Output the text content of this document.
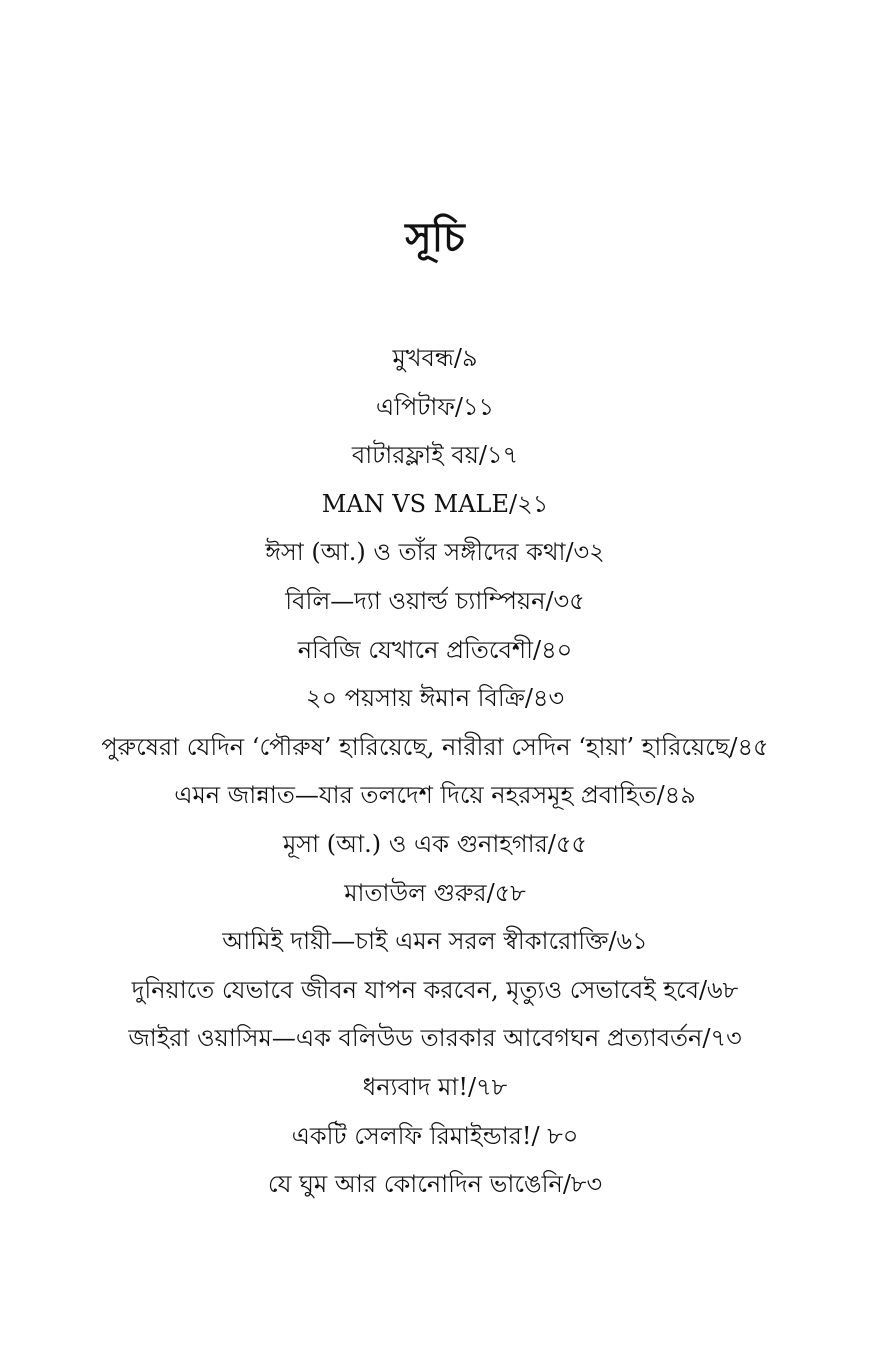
সূচি
মুখবন্ধ/৯
এপিটাফ/১১
বাটারফ্লাই বয়/১৭
MAN VS MALE/২১
ঈসা (আ.) ও তাঁর সঙ্গীদের কথা/৩২
বিলি—দ্যা ওয়ার্ল্ড চ্যাম্পিয়ন/৩৫
নবিজি যেখানে প্রতিবেশী/৪০
২০ পয়সায় ঈমান বিক্রি/৪৩
পুরুষেরা যেদিন ‘পৌরুষ’ হারিয়েছে, নারীরা সেদিন ‘হায়া’ হারিয়েছে/৪৫
এমন জান্নাত—যার তলদেশ দিয়ে নহরসমূহ প্রবাহিত/৪৯
মূসা (আ.) ও এক গুনাহগার/৫৫
মাতাউল গুরুর/৫৮
আমিই দায়ী—চাই এমন সরল স্বীকারোক্তি/৬১
দুনিয়াতে যেভাবে জীবন যাপন করবেন, মৃত্যুও সেভাবেই হবে/৬৮
জাইরা ওয়াসিম—এক বলিউড তারকার আবেগঘন প্রত্যাবর্তন/৭৩
ধন্যবাদ মা!/৭৮
একটি সেলফি রিমাইন্ডার!/ ৮০
যে ঘুম আর কোনোদিন ভাঙেনি/৮৩
